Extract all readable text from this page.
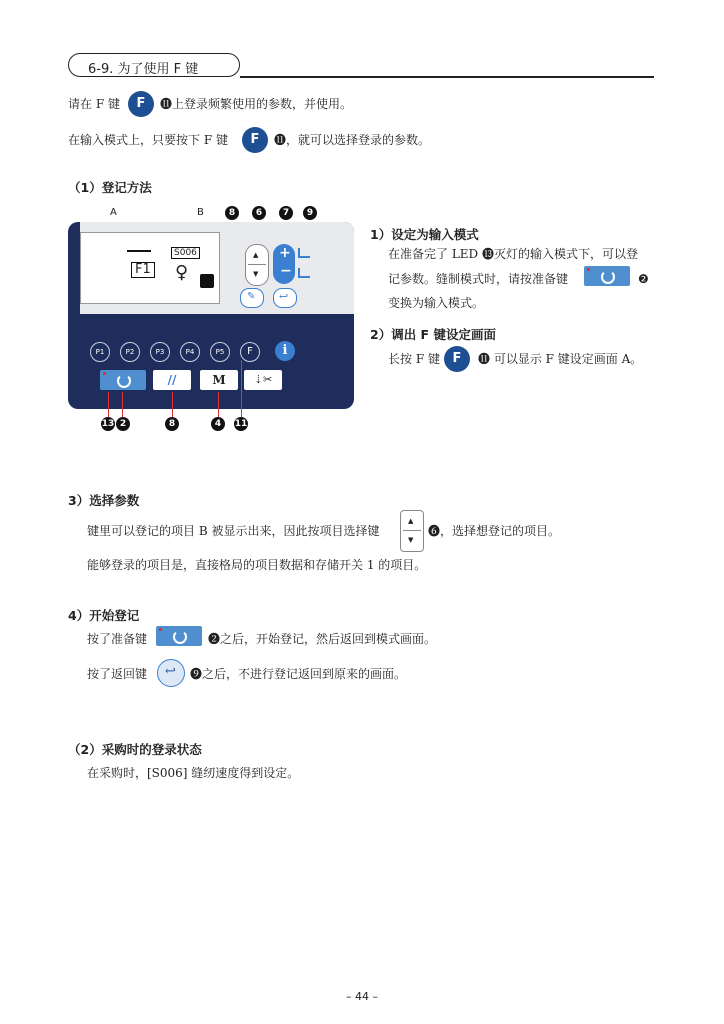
6-9. 为了使用 F 键
请在 F 键	F	⓫上登录频繁使用的参数，并使用。
在输入模式上，只要按下 F 键	F	⓫，就可以选择登录的参数。
（1）登记方法
A	B	8	6	7	9
F1
S006
♀
▲
▼
+
−
✎ ↩
P1	P2	P3	P4	P5	F	i
//	M	⇣✂
13 2	8	4	11
1）设定为输入模式
在准备完了 LED ⓭灭灯的输入模式下，可以登
记参数。缝制模式时，请按准备键	❷
变换为输入模式。
2）调出 F 键设定画面
长按 F 键 F	⓫ 可以显示 F 键设定画面 A。
3）选择参数
键里可以登记的项目 B 被显示出来，因此按项目选择键
▲
▼
❻，选择想登记的项目。
能够登录的项目是，直接格局的项目数据和存储开关 1 的项目。
4）开始登记
按了准备键	❷之后，开始登记，然后返回到模式画面。
按了返回键 ↩ ❾之后，不进行登记返回到原来的画面。
（2）采购时的登录状态
在采购时，[S006] 缝纫速度得到设定。
– 44 –
